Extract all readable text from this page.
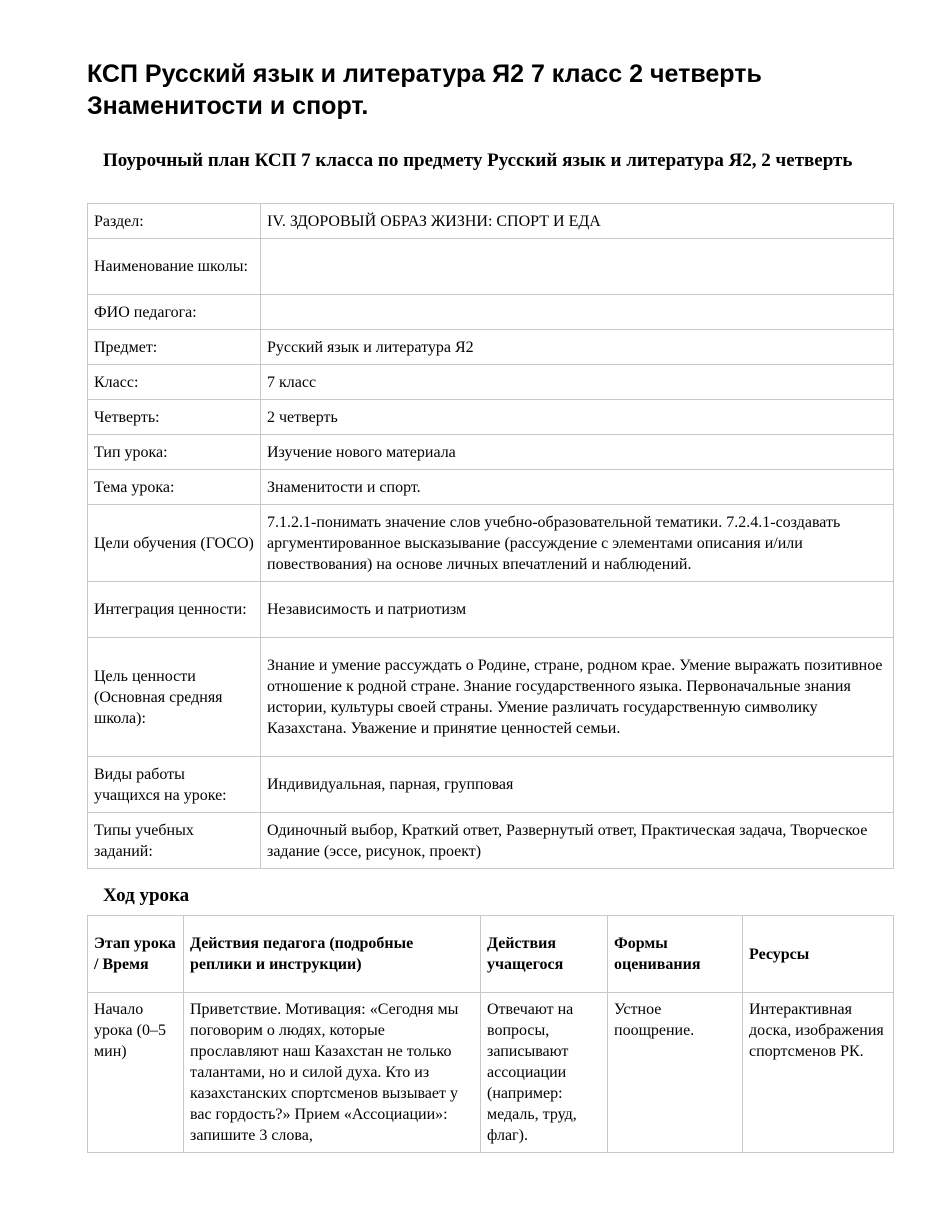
КСП Русский язык и литература Я2 7 класс 2 четверть Знаменитости и спорт.
Поурочный план КСП 7 класса по предмету Русский язык и литература Я2, 2 четверть
Раздел:	IV. ЗДОРОВЫЙ ОБРАЗ ЖИЗНИ: СПОРТ И ЕДА
Наименование школы:	
ФИО педагога:	
Предмет:	Русский язык и литература Я2
Класс:	7 класс
Четверть:	2 четверть
Тип урока:	Изучение нового материала
Тема урока:	Знаменитости и спорт.
Цели обучения (ГОСО)	7.1.2.1-понимать значение слов учебно-образовательной тематики. 7.2.4.1-создавать аргументированное высказывание (рассуждение с элементами описания и/или повествования) на основе личных впечатлений и наблюдений.
Интеграция ценности:	Независимость и патриотизм
Цель ценности (Основная средняя школа):	Знание и умение рассуждать о Родине, стране, родном крае. Умение выражать позитивное отношение к родной стране. Знание государственного языка. Первоначальные знания истории, культуры своей страны. Умение различать государственную символику Казахстана. Уважение и принятие ценностей семьи.
Виды работы учащихся на уроке:	Индивидуальная, парная, групповая
Типы учебных заданий:	Одиночный выбор, Краткий ответ, Развернутый ответ, Практическая задача, Творческое задание (эссе, рисунок, проект)
Ход урока
Этап урока / Время	Действия педагога (подробные реплики и инструкции)	Действия учащегося	Формы оценивания	Ресурсы
Начало урока (0–5 мин)	Приветствие. Мотивация: «Сегодня мы поговорим о людях, которые прославляют наш Казахстан не только талантами, но и силой духа. Кто из казахстанских спортсменов вызывает у вас гордость?» Прием «Ассоциации»: запишите 3 слова,	Отвечают на вопросы, записывают ассоциации (например: медаль, труд, флаг).	Устное поощрение.	Интерактивная доска, изображения спортсменов РК.
